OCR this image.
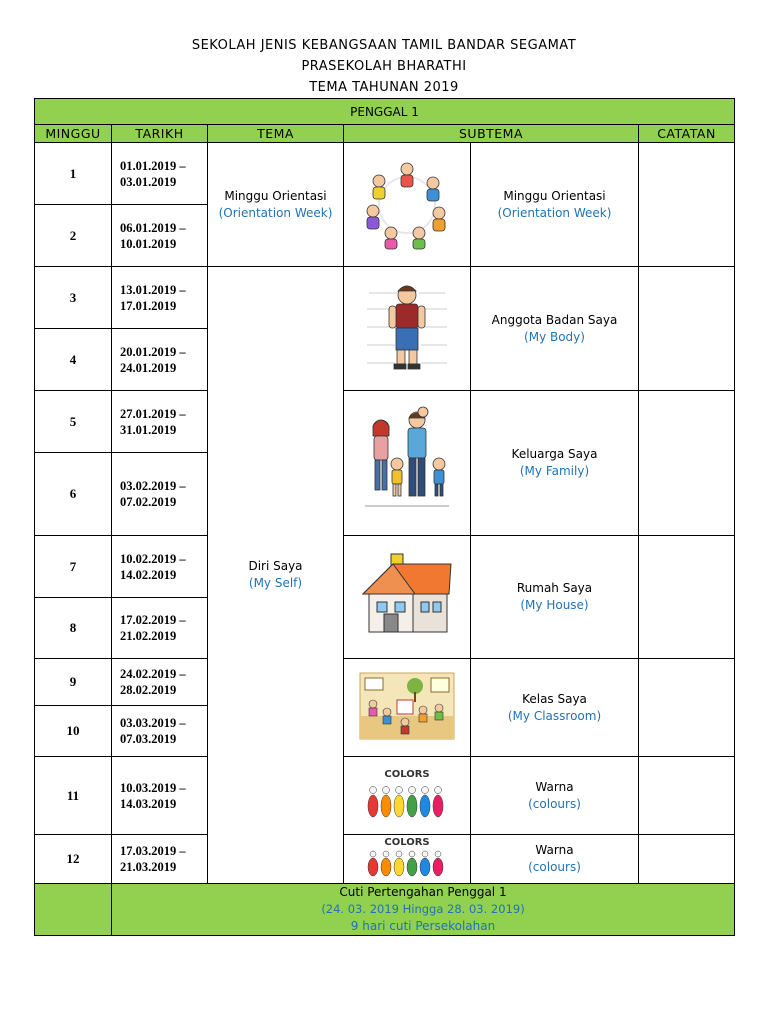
SEKOLAH JENIS KEBANGSAAN TAMIL BANDAR SEGAMAT
PRASEKOLAH BHARATHI
TEMA TAHUNAN 2019
PENGGAL 1					
MINGGU	TARIKH	TEMA	SUBTEMA		CATATAN
1	01.01.2019 –
03.01.2019	Minggu Orientasi
(Orientation Week)		Minggu Orientasi
(Orientation Week)	

2	06.01.2019 –
10.01.2019				
3	13.01.2019 –
17.01.2019	Diri Saya
(My Self)		Anggota Badan Saya
(My Body)	

4	20.01.2019 –
24.01.2019				
5	27.01.2019 –
31.01.2019			Keluarga Saya
(My Family)	

6	03.02.2019 –
07.02.2019				
7	10.02.2019 –
14.02.2019			Rumah Saya
(My House)	

8	17.02.2019 –
21.02.2019				
9	24.02.2019 –
28.02.2019			Kelas Saya
(My Classroom)	

10	03.03.2019 –
07.03.2019				
11	10.03.2019 –
14.03.2019		COLORS	Warna
(colours)	

12	17.03.2019 –
21.03.2019		COLORS	Warna
(colours)	

	Cuti Pertengahan Penggal 1
(24. 03. 2019 Hingga 28. 03. 2019)
9 hari cuti Persekolahan				
